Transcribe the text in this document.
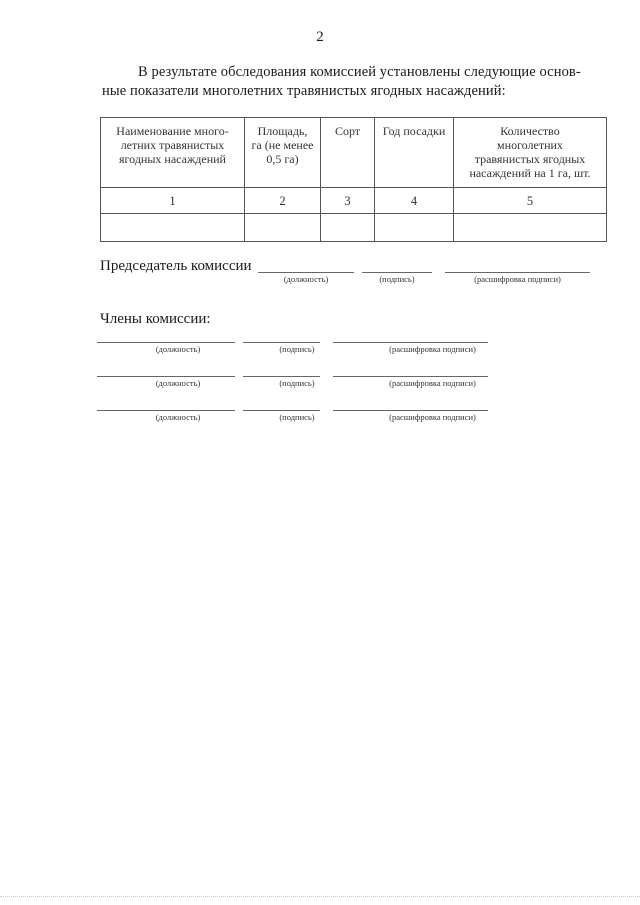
2
В результате обследования комиссией установлены следующие основ-
ные показатели многолетних травянистых ягодных насаждений:
Наименование много-летних травянистых ягодных насаждений	Площадь, га (не менее 0,5 га)	Сорт	Год посадки	Количество многолетних травянистых ягодных насаждений на 1 га, шт.
1	2	3	4	5

Председатель комиссии
(должность)	(подпись)	(расшифровка подписи)
Члены комиссии:
(должность)	(подпись)	(расшифровка подписи)
(должность)	(подпись)	(расшифровка подписи)
(должность)	(подпись)	(расшифровка подписи)
